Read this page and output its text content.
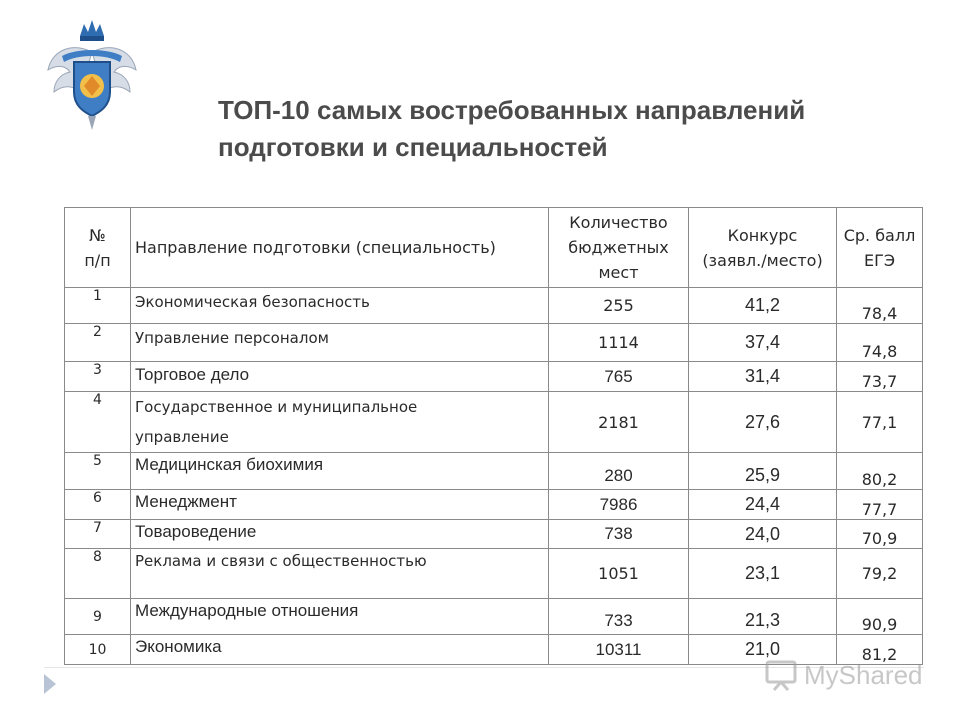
ТОП-10 самых востребованных направлений
подготовки и специальностей
№
п/п	Направление подготовки (специальность)	Количество бюджетных мест	Конкурс (заявл./место)	Ср. балл ЕГЭ
1	Экономическая безопасность	255	41,2	78,4
2	Управление персоналом	1114	37,4	74,8
3	Торговое дело	765	31,4	73,7
4	Государственное и муниципальное управление	2181	27,6	77,1
5	Медицинская биохимия	280	25,9	80,2
6	Менеджмент	7986	24,4	77,7
7	Товароведение	738	24,0	70,9
8	Реклама и связи с общественностью	1051	23,1	79,2
9	Международные отношения	733	21,3	90,9
10	Экономика	10311	21,0	81,2
MyShared
